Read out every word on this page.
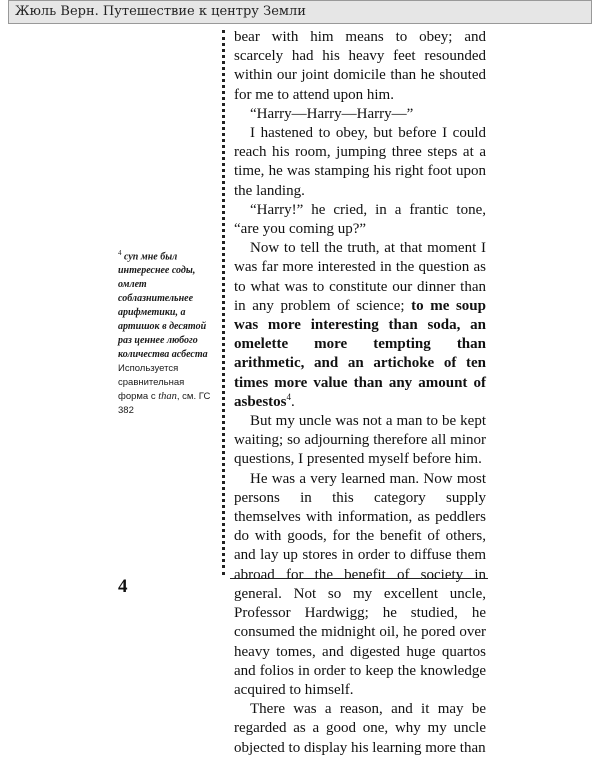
Жюль Верн. Путешествие к центру Земли
$^4$ суп мне был интереснее соды, омлет соблазнительнее арифметики, а артишок в десятой раз ценнее любого количества асбеста Используется сравнительная форма с than, см. ГС 382

bear with him means to obey; and scarcely had his heavy feet resounded within our joint domicile than he shouted for me to attend upon him.

“Harry—Harry—Harry—”

I hastened to obey, but before I could reach his room, jumping three steps at a time, he was stamping his right foot upon the landing.

“Harry!” he cried, in a frantic tone, “are you coming up?”

Now to tell the truth, at that moment I was far more interested in the question as to what was to constitute our dinner than in any problem of science; to me soup was more interesting than soda, an omelette more tempting than arithmetic, and an artichoke of ten times more value than any amount of asbestos$^4$.

But my uncle was not a man to be kept waiting; so adjourning therefore all minor questions, I presented myself before him.

He was a very learned man. Now most persons in this category supply themselves with information, as peddlers do with goods, for the benefit of others, and lay up stores in order to diffuse them abroad for the benefit of society in general. Not so my excellent uncle, Professor Hardwigg; he studied, he consumed the midnight oil, he pored over heavy tomes, and digested huge quartos and folios in order to keep the knowledge acquired to himself.

There was a reason, and it may be regarded as a good one, why my uncle objected to display his learning more than

4
